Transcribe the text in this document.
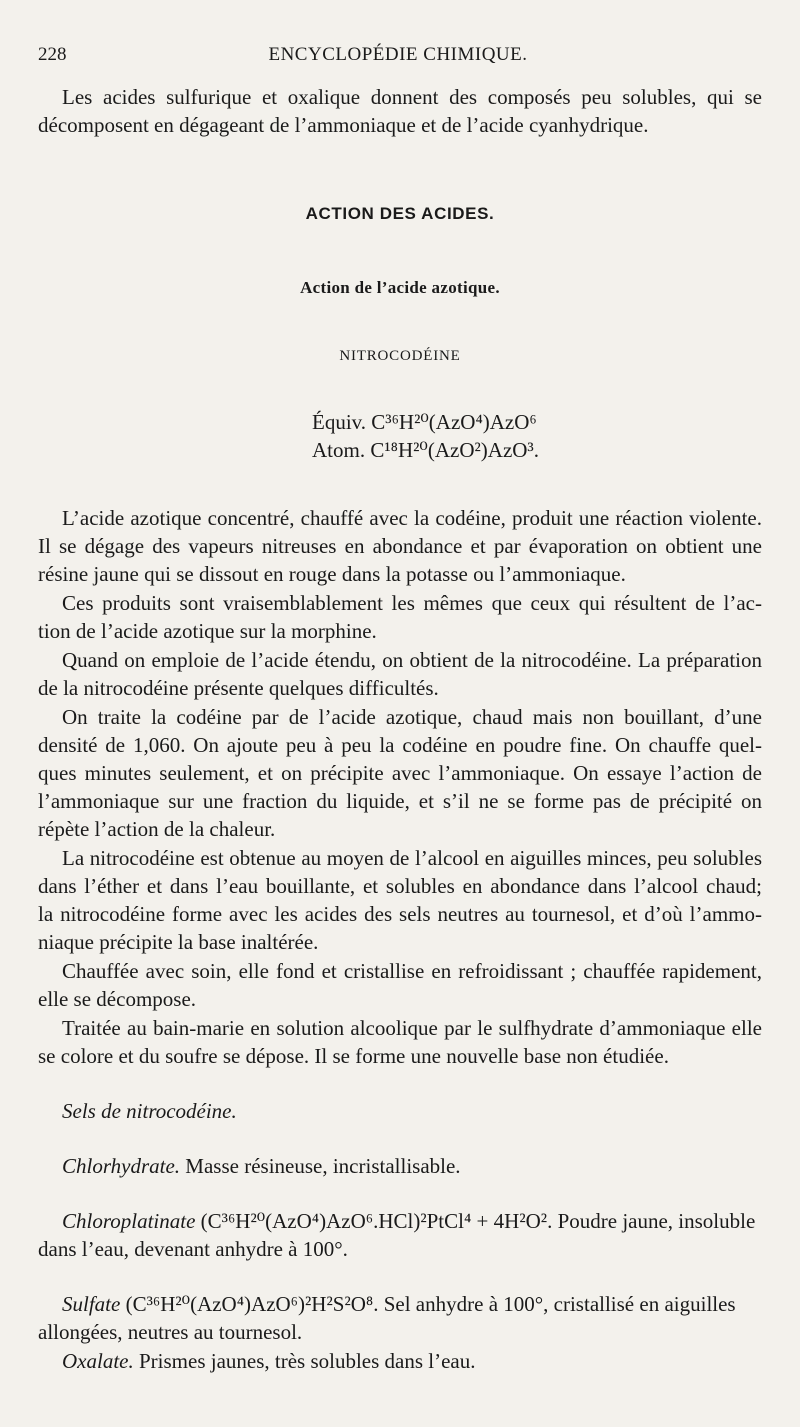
228	ENCYCLOPÉDIE CHIMIQUE.
Les acides sulfurique et oxalique donnent des composés peu solubles, qui se
décomposent en dégageant de l’ammoniaque et de l’acide cyanhydrique.
ACTION DES ACIDES.
Action de l’acide azotique.
NITROCODÉINE
Équiv. C³⁶H²⁰(AzO⁴)AzO⁶
Atom. C¹⁸H²⁰(AzO²)AzO³.
L’acide azotique concentré, chauffé avec la codéine, produit une réaction violente.
Il se dégage des vapeurs nitreuses en abondance et par évaporation on obtient une
résine jaune qui se dissout en rouge dans la potasse ou l’ammoniaque.
Ces produits sont vraisemblablement les mêmes que ceux qui résultent de l’ac-
tion de l’acide azotique sur la morphine.
Quand on emploie de l’acide étendu, on obtient de la nitrocodéine. La préparation
de la nitrocodéine présente quelques difficultés.
On traite la codéine par de l’acide azotique, chaud mais non bouillant, d’une
densité de 1,060. On ajoute peu à peu la codéine en poudre fine. On chauffe quel-
ques minutes seulement, et on précipite avec l’ammoniaque. On essaye l’action de
l’ammoniaque sur une fraction du liquide, et s’il ne se forme pas de précipité on
répète l’action de la chaleur.
La nitrocodéine est obtenue au moyen de l’alcool en aiguilles minces, peu solubles
dans l’éther et dans l’eau bouillante, et solubles en abondance dans l’alcool chaud;
la nitrocodéine forme avec les acides des sels neutres au tournesol, et d’où l’ammo-
niaque précipite la base inaltérée.
Chauffée avec soin, elle fond et cristallise en refroidissant ; chauffée rapidement,
elle se décompose.
Traitée au bain-marie en solution alcoolique par le sulfhydrate d’ammoniaque elle
se colore et du soufre se dépose. Il se forme une nouvelle base non étudiée.
Sels de nitrocodéine.
Chlorhydrate. Masse résineuse, incristallisable.
Chloroplatinate (C³⁶H²⁰(AzO⁴)AzO⁶.HCl)²PtCl⁴ + 4H²O². Poudre jaune, insoluble
dans l’eau, devenant anhydre à 100°.
Sulfate (C³⁶H²⁰(AzO⁴)AzO⁶)²H²S²O⁸. Sel anhydre à 100°, cristallisé en aiguilles
allongées, neutres au tournesol.
Oxalate. Prismes jaunes, très solubles dans l’eau.
